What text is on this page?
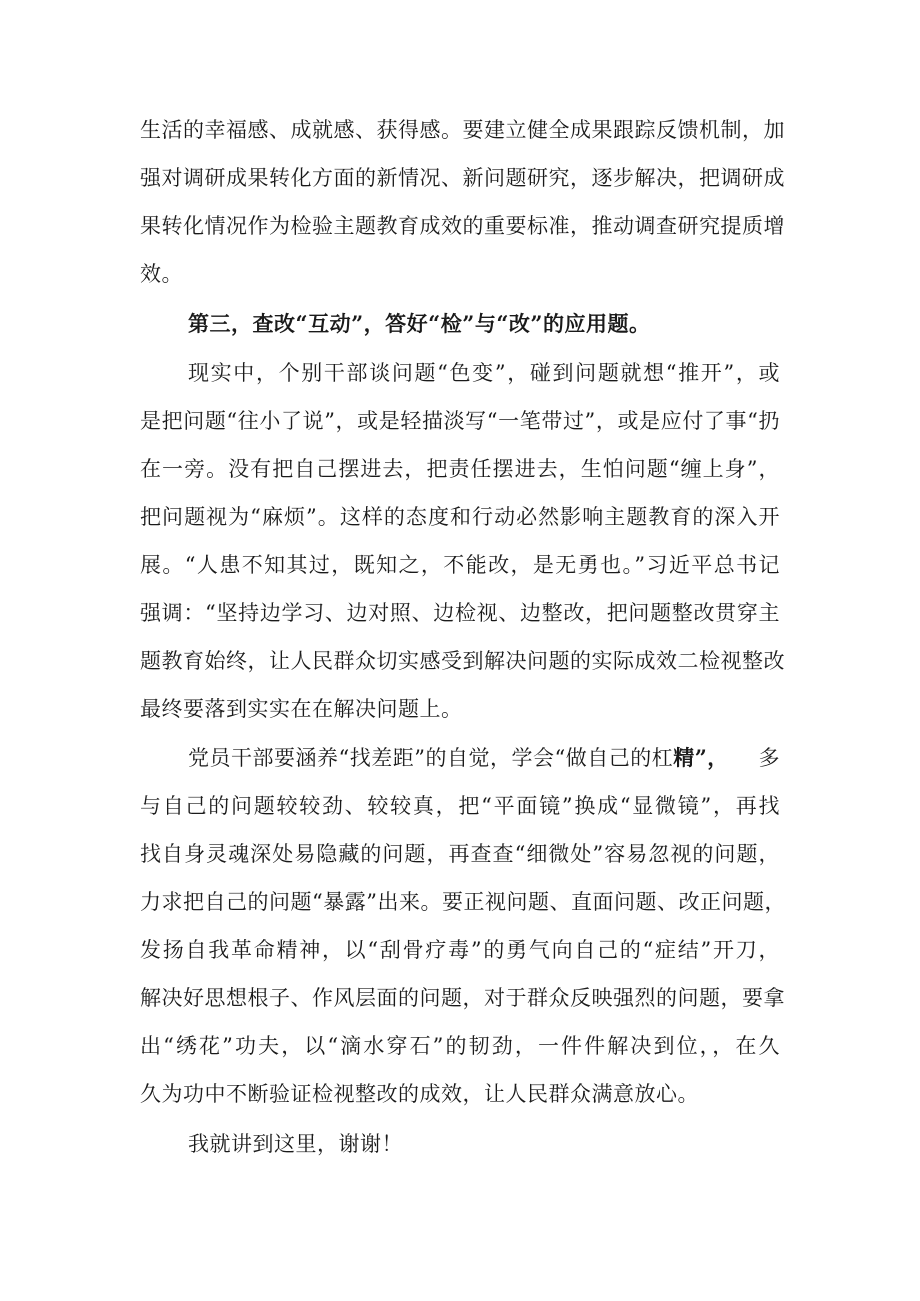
生活的幸福感、成就感、获得感。要建立健全成果跟踪反馈机制，加
强对调研成果转化方面的新情况、新问题研究，逐步解决，把调研成
果转化情况作为检验主题教育成效的重要标准，推动调查研究提质增
效。
第三，查改“互动”，答好“检”与“改”的应用题。
现实中，个别干部谈问题“色变”，碰到问题就想“推开”，或
是把问题“往小了说”，或是轻描淡写“一笔带过”，或是应付了事“扔
在一旁。没有把自己摆进去，把责任摆进去，生怕问题“缠上身”，
把问题视为“麻烦”。这样的态度和行动必然影响主题教育的深入开
展。“人患不知其过，既知之，不能改，是无勇也。”习近平总书记
强调：“坚持边学习、边对照、边检视、边整改，把问题整改贯穿主
题教育始终，让人民群众切实感受到解决问题的实际成效二检视整改
最终要落到实实在在解决问题上。
党员干部要涵养“找差距”的自觉，学会“做自己的杠精”， 多
与自己的问题较较劲、较较真，把“平面镜”换成“显微镜”，再找
找自身灵魂深处易隐藏的问题，再查查“细微处”容易忽视的问题，
力求把自己的问题“暴露”出来。要正视问题、直面问题、改正问题，
发扬自我革命精神，以“刮骨疗毒”的勇气向自己的“症结”开刀，
解决好思想根子、作风层面的问题，对于群众反映强烈的问题，要拿
出“绣花”功夫，以“滴水穿石”的韧劲，一件件解决到位，，在久
久为功中不断验证检视整改的成效，让人民群众满意放心。
我就讲到这里，谢谢！
